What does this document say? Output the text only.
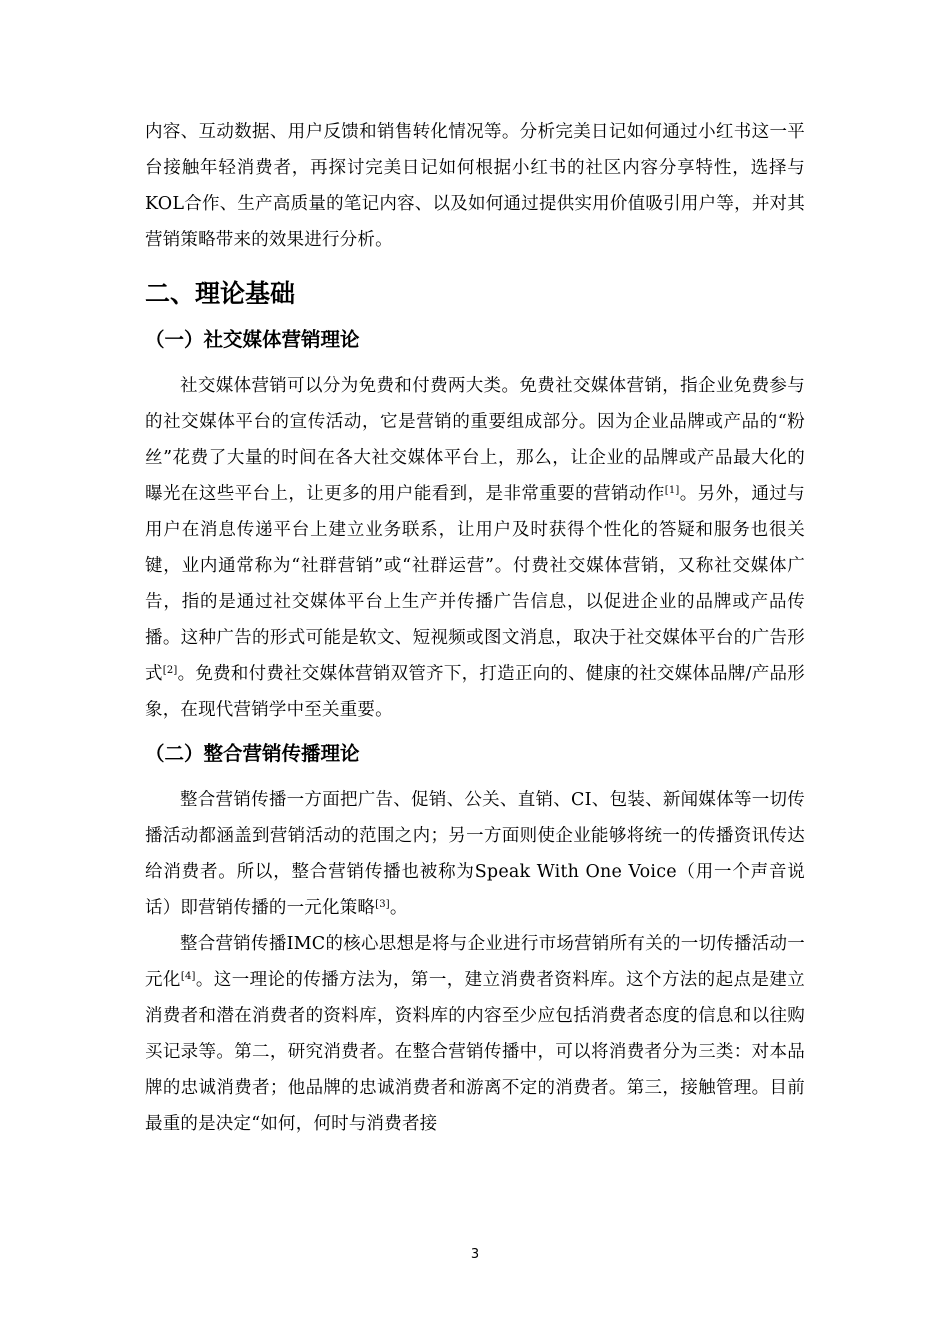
内容、互动数据、用户反馈和销售转化情况等。分析完美日记如何通过小红书这一平台接触年轻消费者，再探讨完美日记如何根据小红书的社区内容分享特性，选择与KOL合作、生产高质量的笔记内容、以及如何通过提供实用价值吸引用户等，并对其营销策略带来的效果进行分析。

二、理论基础
（一）社交媒体营销理论

社交媒体营销可以分为免费和付费两大类。免费社交媒体营销，指企业免费参与的社交媒体平台的宣传活动，它是营销的重要组成部分。因为企业品牌或产品的“粉丝”花费了大量的时间在各大社交媒体平台上，那么，让企业的品牌或产品最大化的曝光在这些平台上，让更多的用户能看到，是非常重要的营销动作[1]。另外，通过与用户在消息传递平台上建立业务联系，让用户及时获得个性化的答疑和服务也很关键，业内通常称为“社群营销”或“社群运营”。付费社交媒体营销，又称社交媒体广告，指的是通过社交媒体平台上生产并传播广告信息，以促进企业的品牌或产品传播。这种广告的形式可能是软文、短视频或图文消息，取决于社交媒体平台的广告形式[2]。免费和付费社交媒体营销双管齐下，打造正向的、健康的社交媒体品牌/产品形象，在现代营销学中至关重要。

（二）整合营销传播理论

整合营销传播一方面把广告、促销、公关、直销、CI、包装、新闻媒体等一切传播活动都涵盖到营销活动的范围之内；另一方面则使企业能够将统一的传播资讯传达给消费者。所以，整合营销传播也被称为Speak With One Voice（用一个声音说话）即营销传播的一元化策略[3]。

整合营销传播IMC的核心思想是将与企业进行市场营销所有关的一切传播活动一元化[4]。这一理论的传播方法为，第一，建立消费者资料库。这个方法的起点是建立消费者和潜在消费者的资料库，资料库的内容至少应包括消费者态度的信息和以往购买记录等。第二，研究消费者。在整合营销传播中，可以将消费者分为三类：对本品牌的忠诚消费者；他品牌的忠诚消费者和游离不定的消费者。第三，接触管理。目前最重的是决定“如何，何时与消费者接

3
